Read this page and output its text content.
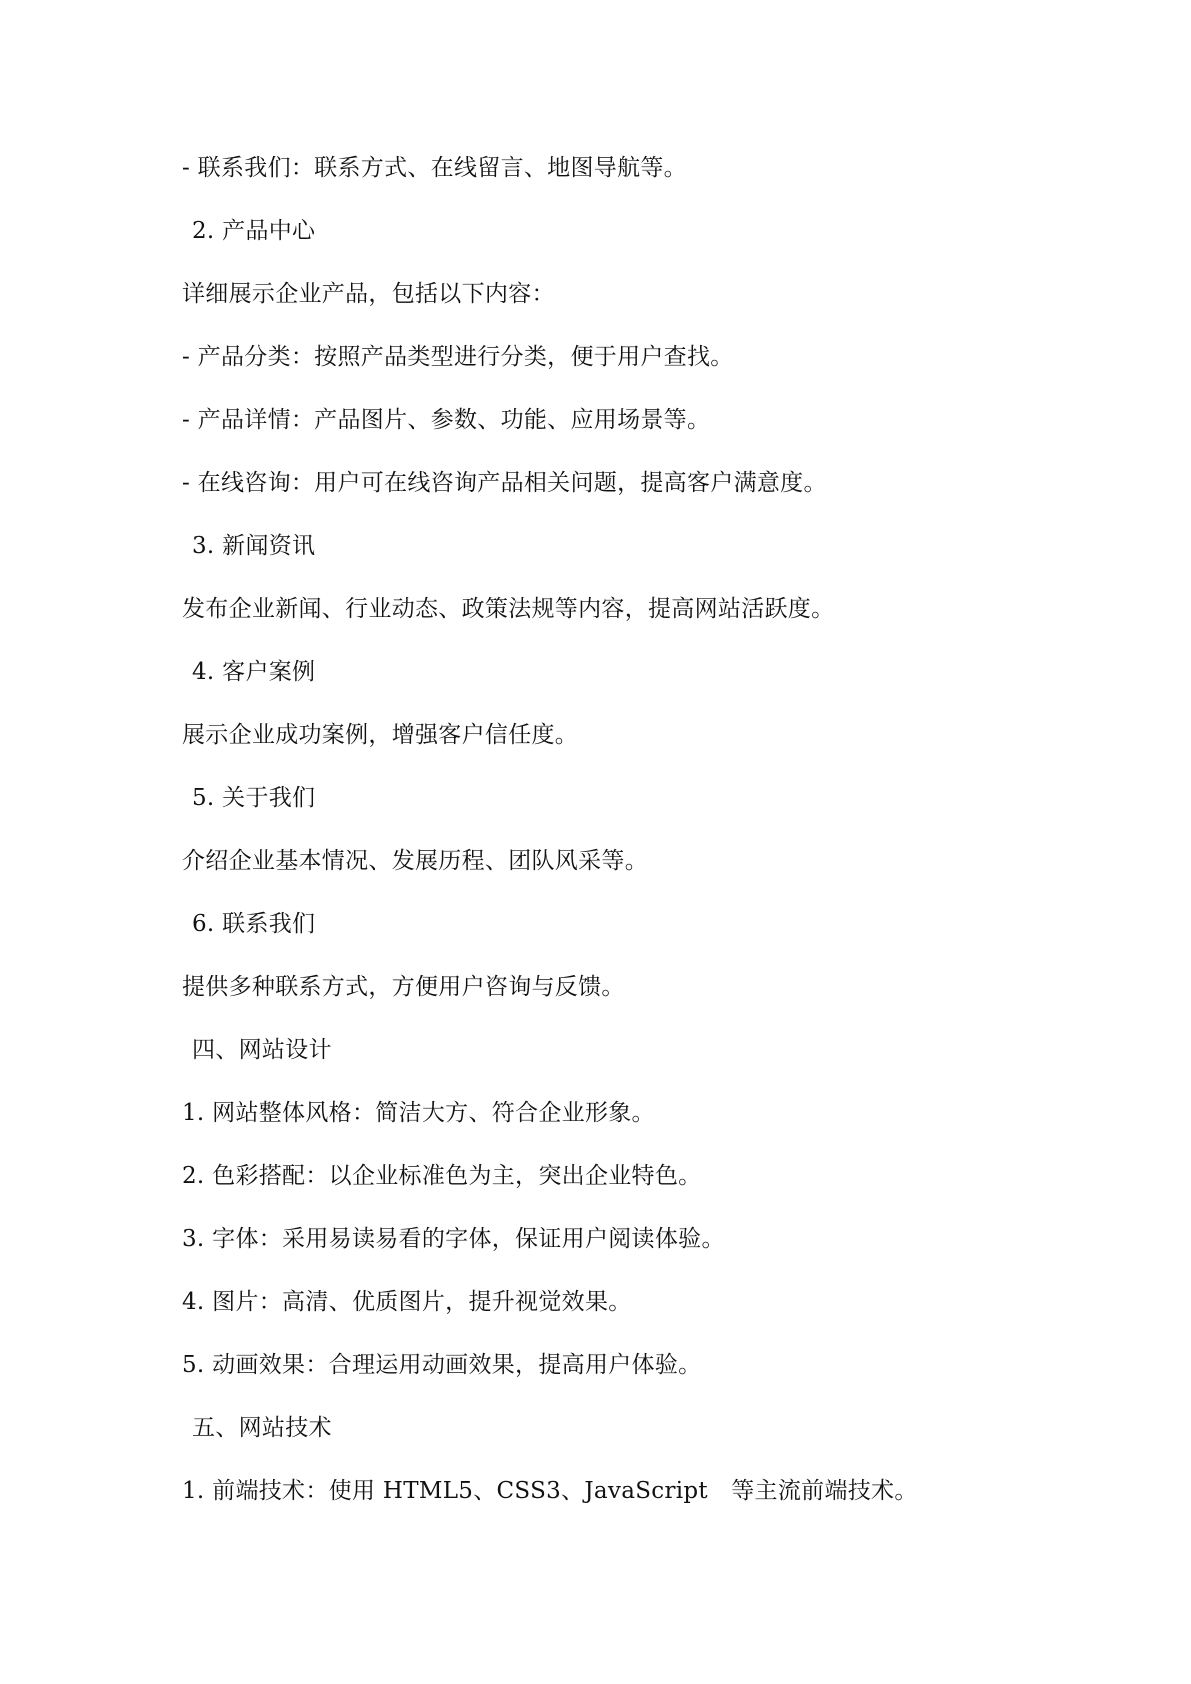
- 联系我们：联系方式、在线留言、地图导航等。
2. 产品中心
详细展示企业产品，包括以下内容：
- 产品分类：按照产品类型进行分类，便于用户查找。
- 产品详情：产品图片、参数、功能、应用场景等。
- 在线咨询：用户可在线咨询产品相关问题，提高客户满意度。
3. 新闻资讯
发布企业新闻、行业动态、政策法规等内容，提高网站活跃度。
4. 客户案例
展示企业成功案例，增强客户信任度。
5. 关于我们
介绍企业基本情况、发展历程、团队风采等。
6. 联系我们
提供多种联系方式，方便用户咨询与反馈。
四、网站设计
1. 网站整体风格：简洁大方、符合企业形象。
2. 色彩搭配：以企业标准色为主，突出企业特色。
3. 字体：采用易读易看的字体，保证用户阅读体验。
4. 图片：高清、优质图片，提升视觉效果。
5. 动画效果：合理运用动画效果，提高用户体验。
五、网站技术
1. 前端技术：使用 HTML5、CSS3、JavaScript　等主流前端技术。
